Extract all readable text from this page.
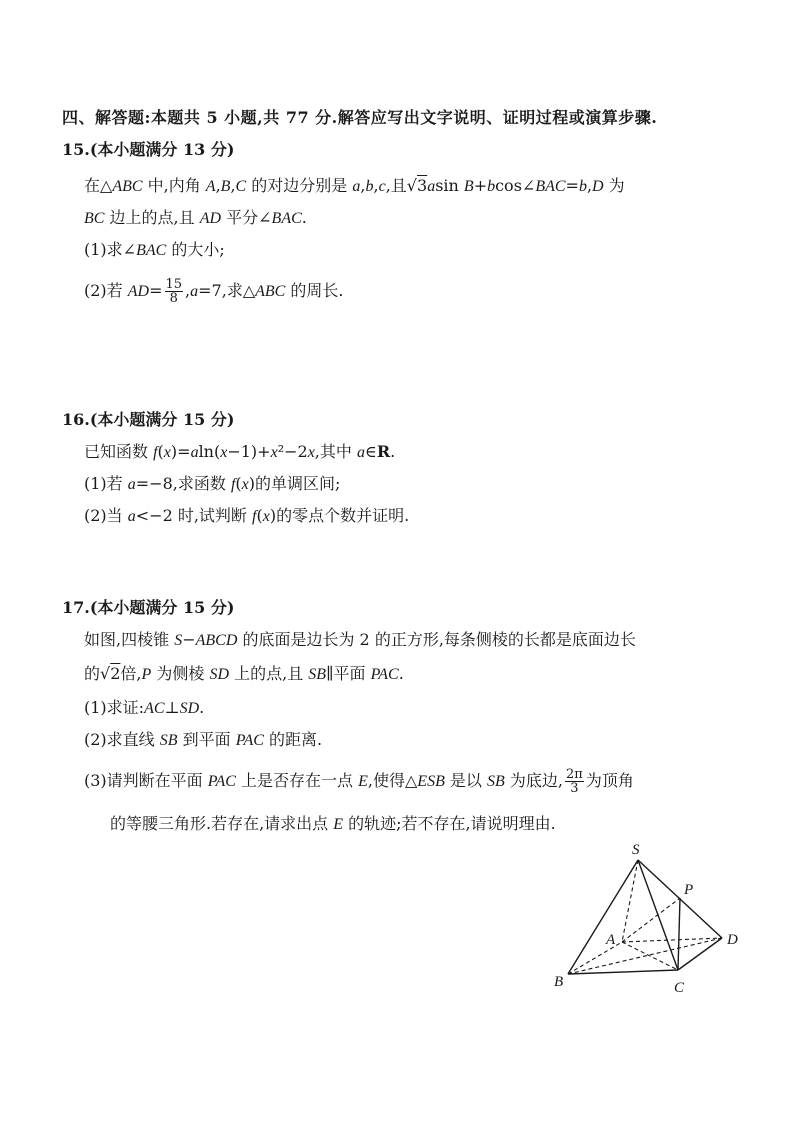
四、解答题:本题共 5 小题,共 77 分.解答应写出文字说明、证明过程或演算步骤.
15.(本小题满分 13 分)
在△ABC 中,内角 A,B,C 的对边分别是 a,b,c,且√3asin B+bcos∠BAC=b,D 为
BC 边上的点,且 AD 平分∠BAC.
(1)求∠BAC 的大小;
(2)若 $AD= \frac{15}{8} ,a=7$,求△ABC 的周长.
16.(本小题满分 15 分)
已知函数 f(x)=aln(x−1)+x²−2x,其中 a∈R.
(1)若 a=−8,求函数 f(x)的单调区间;
(2)当 a<−2 时,试判断 f(x)的零点个数并证明.
17.(本小题满分 15 分)
如图,四棱锥 S−ABCD 的底面是边长为 2 的正方形,每条侧棱的长都是底面边长
的√2倍,P 为侧棱 SD 上的点,且 SB∥平面 PAC.
(1)求证:AC⊥SD.
(2)求直线 SB 到平面 PAC 的距离.
(3)请判断在平面 PAC 上是否存在一点 E,使得△ESB 是以 SB 为底边, $\frac{2\pi}{3}$ 为顶角
的等腰三角形.若存在,请求出点 E 的轨迹;若不存在,请说明理由.
S
P
A	D
B	C
